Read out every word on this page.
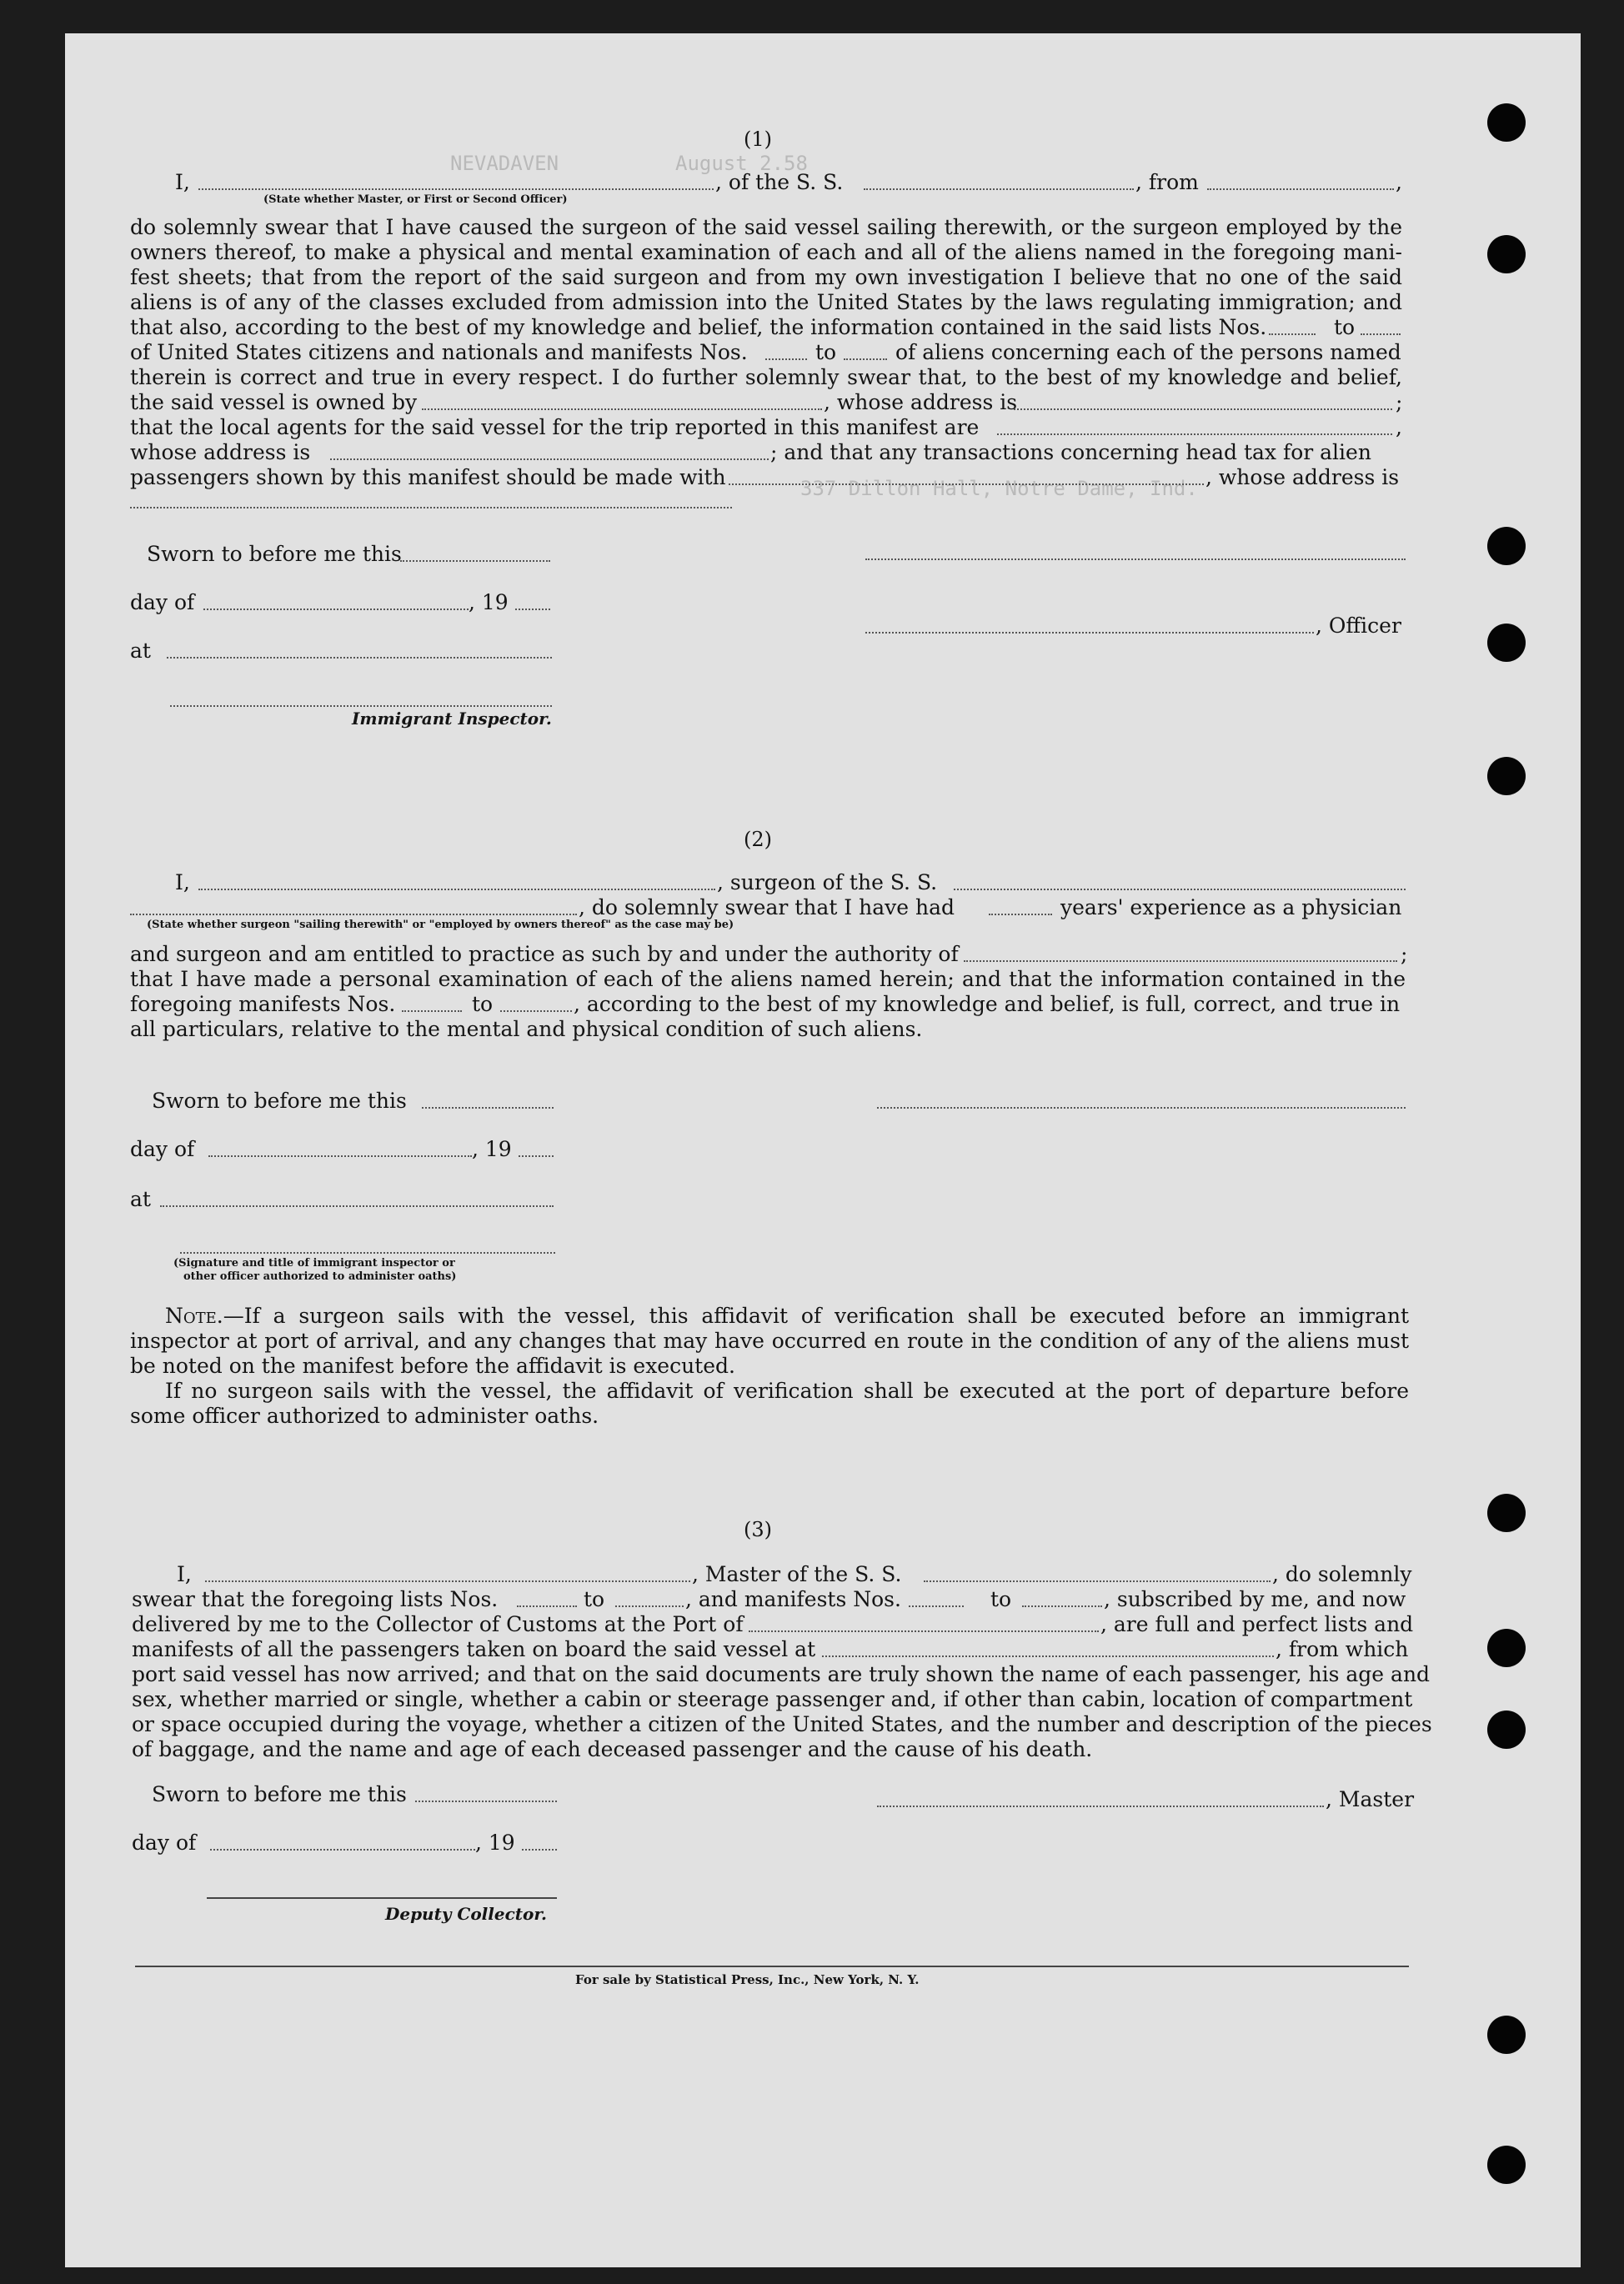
NEVADAVEN	August 2.58
337 Dillon Hall, Notre Dame, Ind.
(1)
I,	, of the S. S.	, from	,
(State whether Master, or First or Second Officer)
do solemnly swear that I have caused the surgeon of the said vessel sailing therewith, or the surgeon employed by the
owners thereof, to make a physical and mental examination of each and all of the aliens named in the foregoing mani-
fest sheets; that from the report of the said surgeon and from my own investigation I believe that no one of the said
aliens is of any of the classes excluded from admission into the United States by the laws regulating immigration; and
that also, according to the best of my knowledge and belief, the information contained in the said lists Nos.	to
of United States citizens and nationals and manifests Nos.	to	of aliens concerning each of the persons named
therein is correct and true in every respect. I do further solemnly swear that, to the best of my knowledge and belief,
the said vessel is owned by	, whose address is	;
that the local agents for the said vessel for the trip reported in this manifest are	,
whose address is	; and that any transactions concerning head tax for alien
passengers shown by this manifest should be made with	, whose address is
Sworn to before me this
day of	, 19
, Officer
at
Immigrant Inspector.
(2)
I,	, surgeon of the S. S.
, do solemnly swear that I have had	years' experience as a physician
(State whether surgeon "sailing therewith" or "employed by owners thereof" as the case may be)
and surgeon and am entitled to practice as such by and under the authority of	;
that I have made a personal examination of each of the aliens named herein; and that the information contained in the
foregoing manifests Nos.	to	, according to the best of my knowledge and belief, is full, correct, and true in
all particulars, relative to the mental and physical condition of such aliens.
Sworn to before me this
day of	, 19
at
(Signature and title of immigrant inspector or
other officer authorized to administer oaths)
Note.—If a surgeon sails with the vessel, this affidavit of verification shall be executed before an immigrant
inspector at port of arrival, and any changes that may have occurred en route in the condition of any of the aliens must
be noted on the manifest before the affidavit is executed.
If no surgeon sails with the vessel, the affidavit of verification shall be executed at the port of departure before
some officer authorized to administer oaths.
(3)
I,	, Master of the S. S.	, do solemnly
swear that the foregoing lists Nos.	to	, and manifests Nos.	to	, subscribed by me, and now
delivered by me to the Collector of Customs at the Port of	, are full and perfect lists and
manifests of all the passengers taken on board the said vessel at	, from which
port said vessel has now arrived; and that on the said documents are truly shown the name of each passenger, his age and
sex, whether married or single, whether a cabin or steerage passenger and, if other than cabin, location of compartment
or space occupied during the voyage, whether a citizen of the United States, and the number and description of the pieces
of baggage, and the name and age of each deceased passenger and the cause of his death.
Sworn to before me this	, Master
day of	, 19
Deputy Collector.
For sale by Statistical Press, Inc., New York, N. Y.
